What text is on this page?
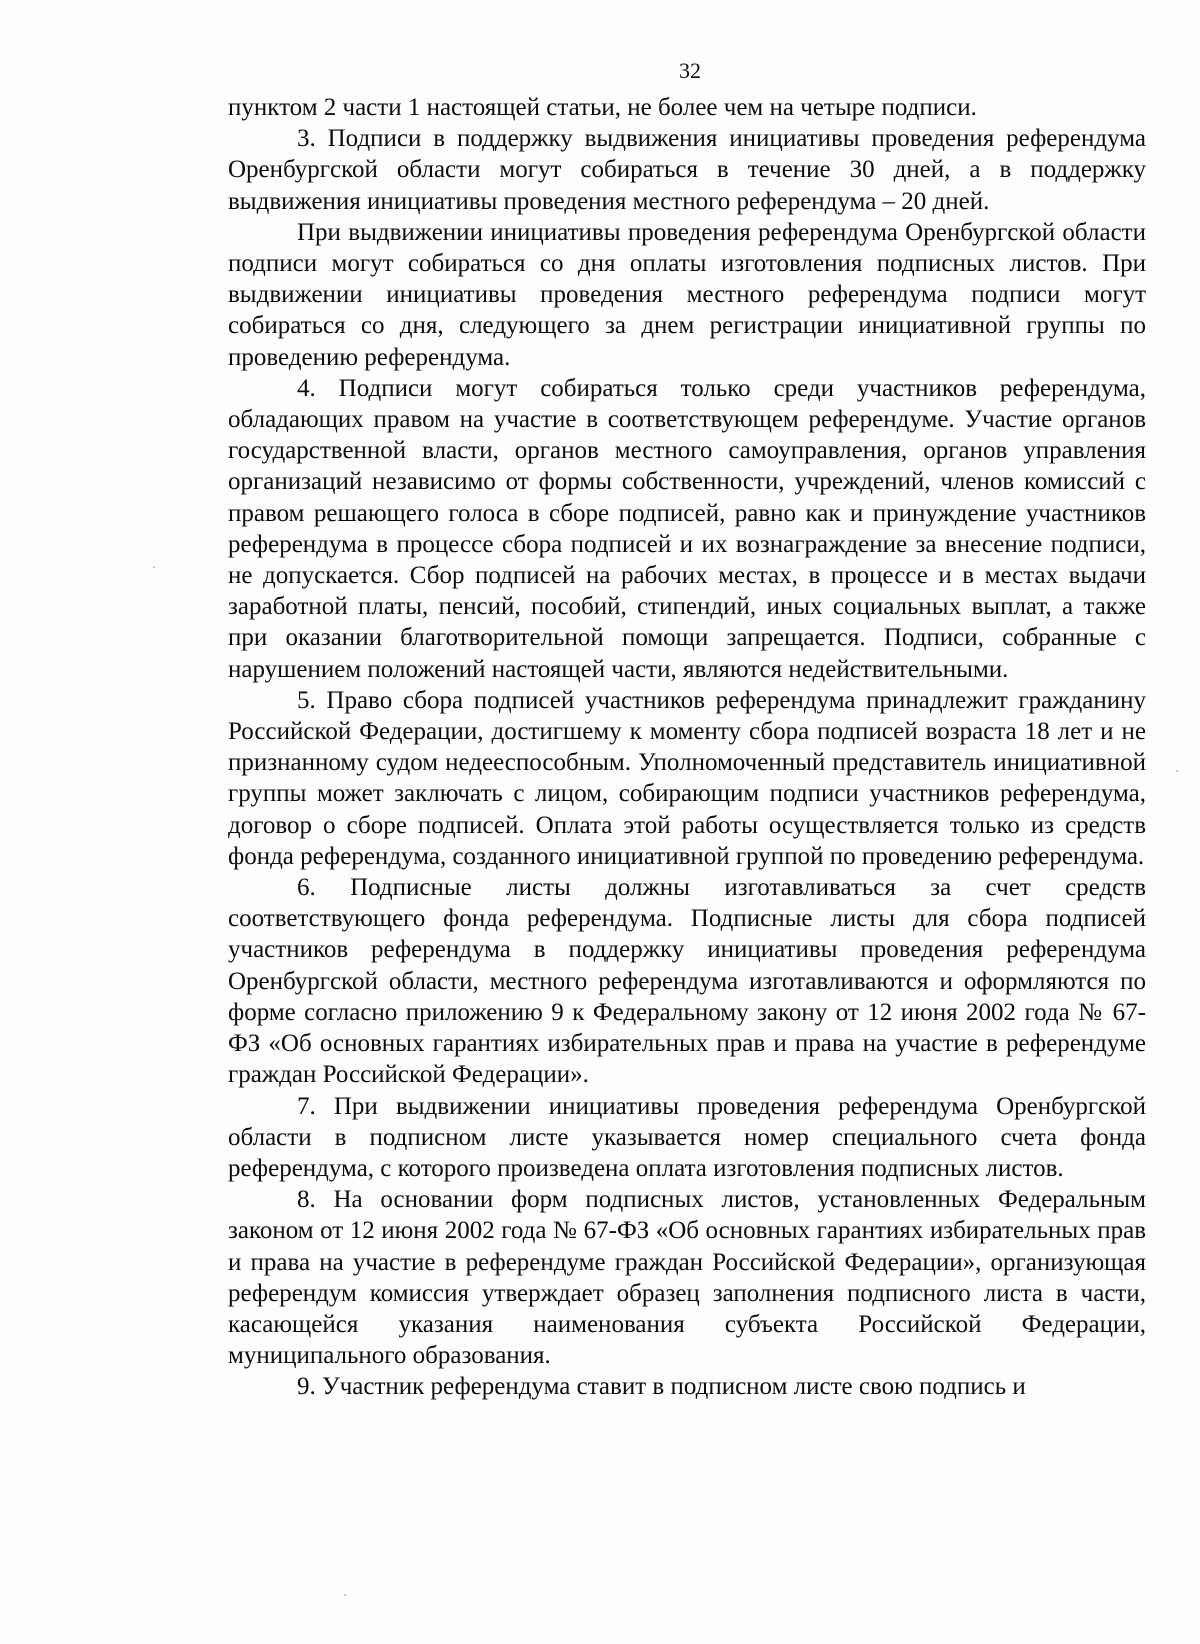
32

пунктом 2 части 1 настоящей статьи, не более чем на четыре подписи.

3. Подписи в поддержку выдвижения инициативы проведения референдума Оренбургской области могут собираться в течение 30 дней, а в поддержку выдвижения инициативы проведения местного референдума – 20 дней.

При выдвижении инициативы проведения референдума Оренбургской области подписи могут собираться со дня оплаты изготовления подписных листов. При выдвижении инициативы проведения местного референдума подписи могут собираться со дня, следующего за днем регистрации инициативной группы по проведению референдума.

4. Подписи могут собираться только среди участников референдума, обладающих правом на участие в соответствующем референдуме. Участие органов государственной власти, органов местного самоуправления, органов управления организаций независимо от формы собственности, учреждений, членов комиссий с правом решающего голоса в сборе подписей, равно как и принуждение участников референдума в процессе сбора подписей и их вознаграждение за внесение подписи, не допускается. Сбор подписей на рабочих местах, в процессе и в местах выдачи заработной платы, пенсий, пособий, стипендий, иных социальных выплат, а также при оказании благотворительной помощи запрещается. Подписи, собранные с нарушением положений настоящей части, являются недействительными.

5. Право сбора подписей участников референдума принадлежит гражданину Российской Федерации, достигшему к моменту сбора подписей возраста 18 лет и не признанному судом недееспособным. Уполномоченный представитель инициативной группы может заключать с лицом, собирающим подписи участников референдума, договор о сборе подписей. Оплата этой работы осуществляется только из средств фонда референдума, созданного инициативной группой по проведению референдума.

6. Подписные листы должны изготавливаться за счет средств соответствующего фонда референдума. Подписные листы для сбора подписей участников референдума в поддержку инициативы проведения референдума Оренбургской области, местного референдума изготавливаются и оформляются по форме согласно приложению 9 к Федеральному закону от 12 июня 2002 года № 67-ФЗ «Об основных гарантиях избирательных прав и права на участие в референдуме граждан Российской Федерации».

7. При выдвижении инициативы проведения референдума Оренбургской области в подписном листе указывается номер специального счета фонда референдума, с которого произведена оплата изготовления подписных листов.

8. На основании форм подписных листов, установленных Федеральным законом от 12 июня 2002 года № 67-ФЗ «Об основных гарантиях избирательных прав и права на участие в референдуме граждан Российской Федерации», организующая референдум комиссия утверждает образец заполнения подписного листа в части, касающейся указания наименования субъекта Российской Федерации, муниципального образования.

9. Участник референдума ставит в подписном листе свою подпись и
